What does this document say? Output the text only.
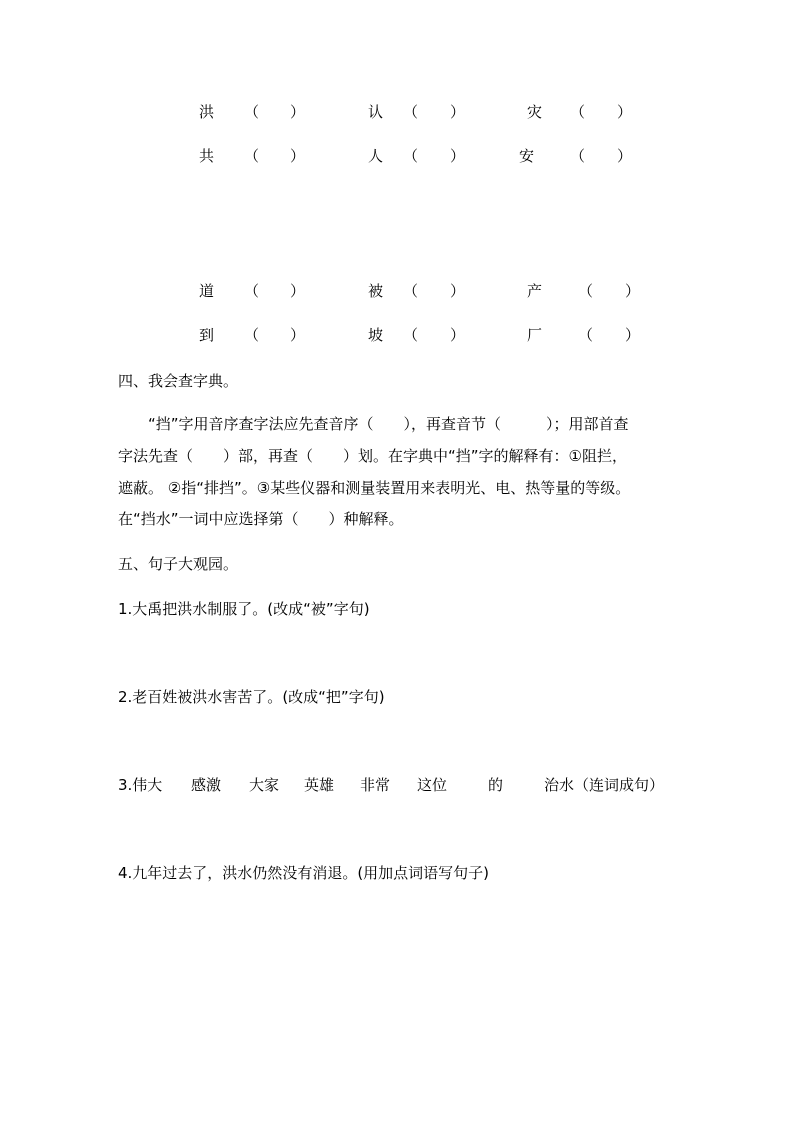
洪 （ ）	认 （ ）	灾 （ ）
共 （ ）	人 （ ）	安 （ ）
道 （ ）	被 （ ）	产 （ ）
到 （ ）	坡 （ ）	厂 （ ）
四、我会查字典。
“挡”字用音序查字法应先查音序（　　），再查音节（　　　）；用部首查
字法先查（　　）部，再查（　　）划。在字典中“挡”字的解释有：①阻拦，
遮蔽。 ②指“排挡”。③某些仪器和测量装置用来表明光、电、热等量的等级。
在“挡水”一词中应选择第（　　）种解释。
五、句子大观园。
1.大禹把洪水制服了。(改成“被”字句)
2.老百姓被洪水害苦了。(改成“把”字句)
3.伟大 感激 大家 英雄 非常 这位	的	治水（连词成句）
4.九年过去了，洪水仍然没有消退。(用加点词语写句子)
